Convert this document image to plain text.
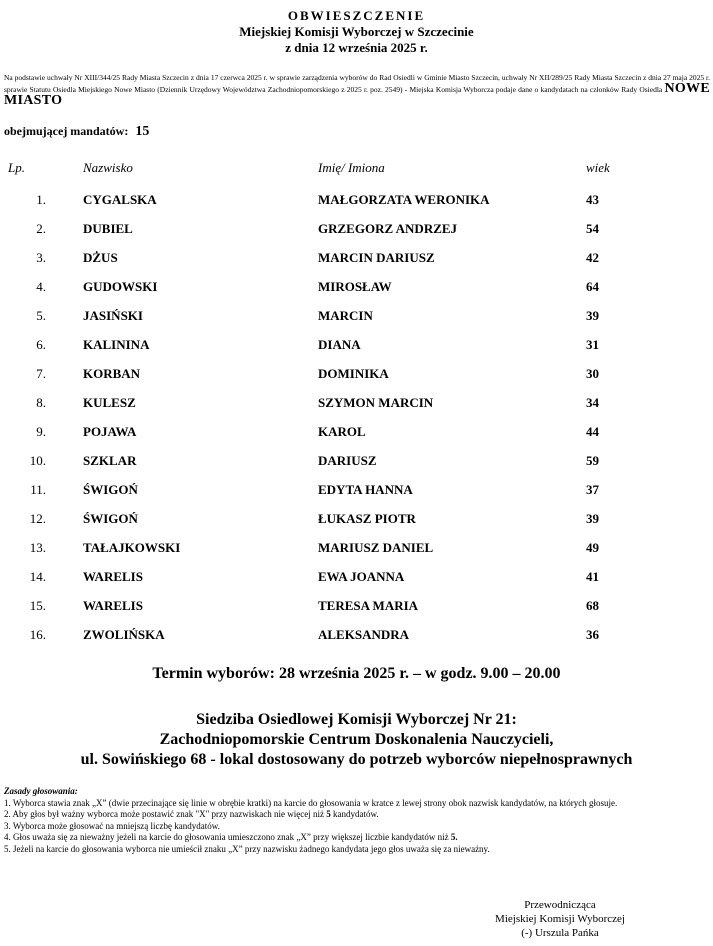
OBWIESZCZENIE
Miejskiej Komisji Wyborczej w Szczecinie
z dnia 12 września 2025 r.
Na podstawie uchwały Nr XIII/344/25 Rady Miasta Szczecin z dnia 17 czerwca 2025 r. w sprawie zarządzenia wyborów do Rad Osiedli w Gminie Miasto Szczecin, uchwały Nr XII/289/25 Rady Miasta Szczecin z dnia 27 maja 2025 r. sprawie Statutu Osiedla Miejskiego Nowe Miasto (Dziennik Urzędowy Województwa Zachodniopomorskiego z 2025 r. poz. 2549) - Miejska Komisja Wyborcza podaje dane o kandydatach na członków Rady Osiedla NOWE MIASTO
obejmującej mandatów: 15
Lp.	Nazwisko	Imię/ Imiona	wiek
1.	CYGALSKA	MAŁGORZATA WERONIKA	43
2.	DUBIEL	GRZEGORZ ANDRZEJ	54
3.	DŻUS	MARCIN DARIUSZ	42
4.	GUDOWSKI	MIROSŁAW	64
5.	JASIŃSKI	MARCIN	39
6.	KALININA	DIANA	31
7.	KORBAN	DOMINIKA	30
8.	KULESZ	SZYMON MARCIN	34
9.	POJAWA	KAROL	44
10.	SZKLAR	DARIUSZ	59
11.	ŚWIGOŃ	EDYTA HANNA	37
12.	ŚWIGOŃ	ŁUKASZ PIOTR	39
13.	TAŁAJKOWSKI	MARIUSZ DANIEL	49
14.	WARELIS	EWA JOANNA	41
15.	WARELIS	TERESA MARIA	68
16.	ZWOLIŃSKA	ALEKSANDRA	36
Termin wyborów: 28 września 2025 r. – w godz. 9.00 – 20.00
Siedziba Osiedlowej Komisji Wyborczej Nr 21:
Zachodniopomorskie Centrum Doskonalenia Nauczycieli,
ul. Sowińskiego 68 - lokal dostosowany do potrzeb wyborców niepełnosprawnych
Zasady głosowania:
1. Wyborca stawia znak „X” (dwie przecinające się linie w obrębie kratki) na karcie do głosowania w kratce z lewej strony obok nazwisk kandydatów, na których głosuje.
2. Aby głos był ważny wyborca może postawić znak "X" przy nazwiskach nie więcej niż 5 kandydatów.
3. Wyborca może głosować na mniejszą liczbę kandydatów.
4. Głos uważa się za nieważny jeżeli na karcie do głosowania umieszczono znak „X” przy większej liczbie kandydatów niż 5.
5. Jeżeli na karcie do głosowania wyborca nie umieścił znaku „X” przy nazwisku żadnego kandydata jego głos uważa się za nieważny.
Przewodnicząca
Miejskiej Komisji Wyborczej
(-) Urszula Pańka
